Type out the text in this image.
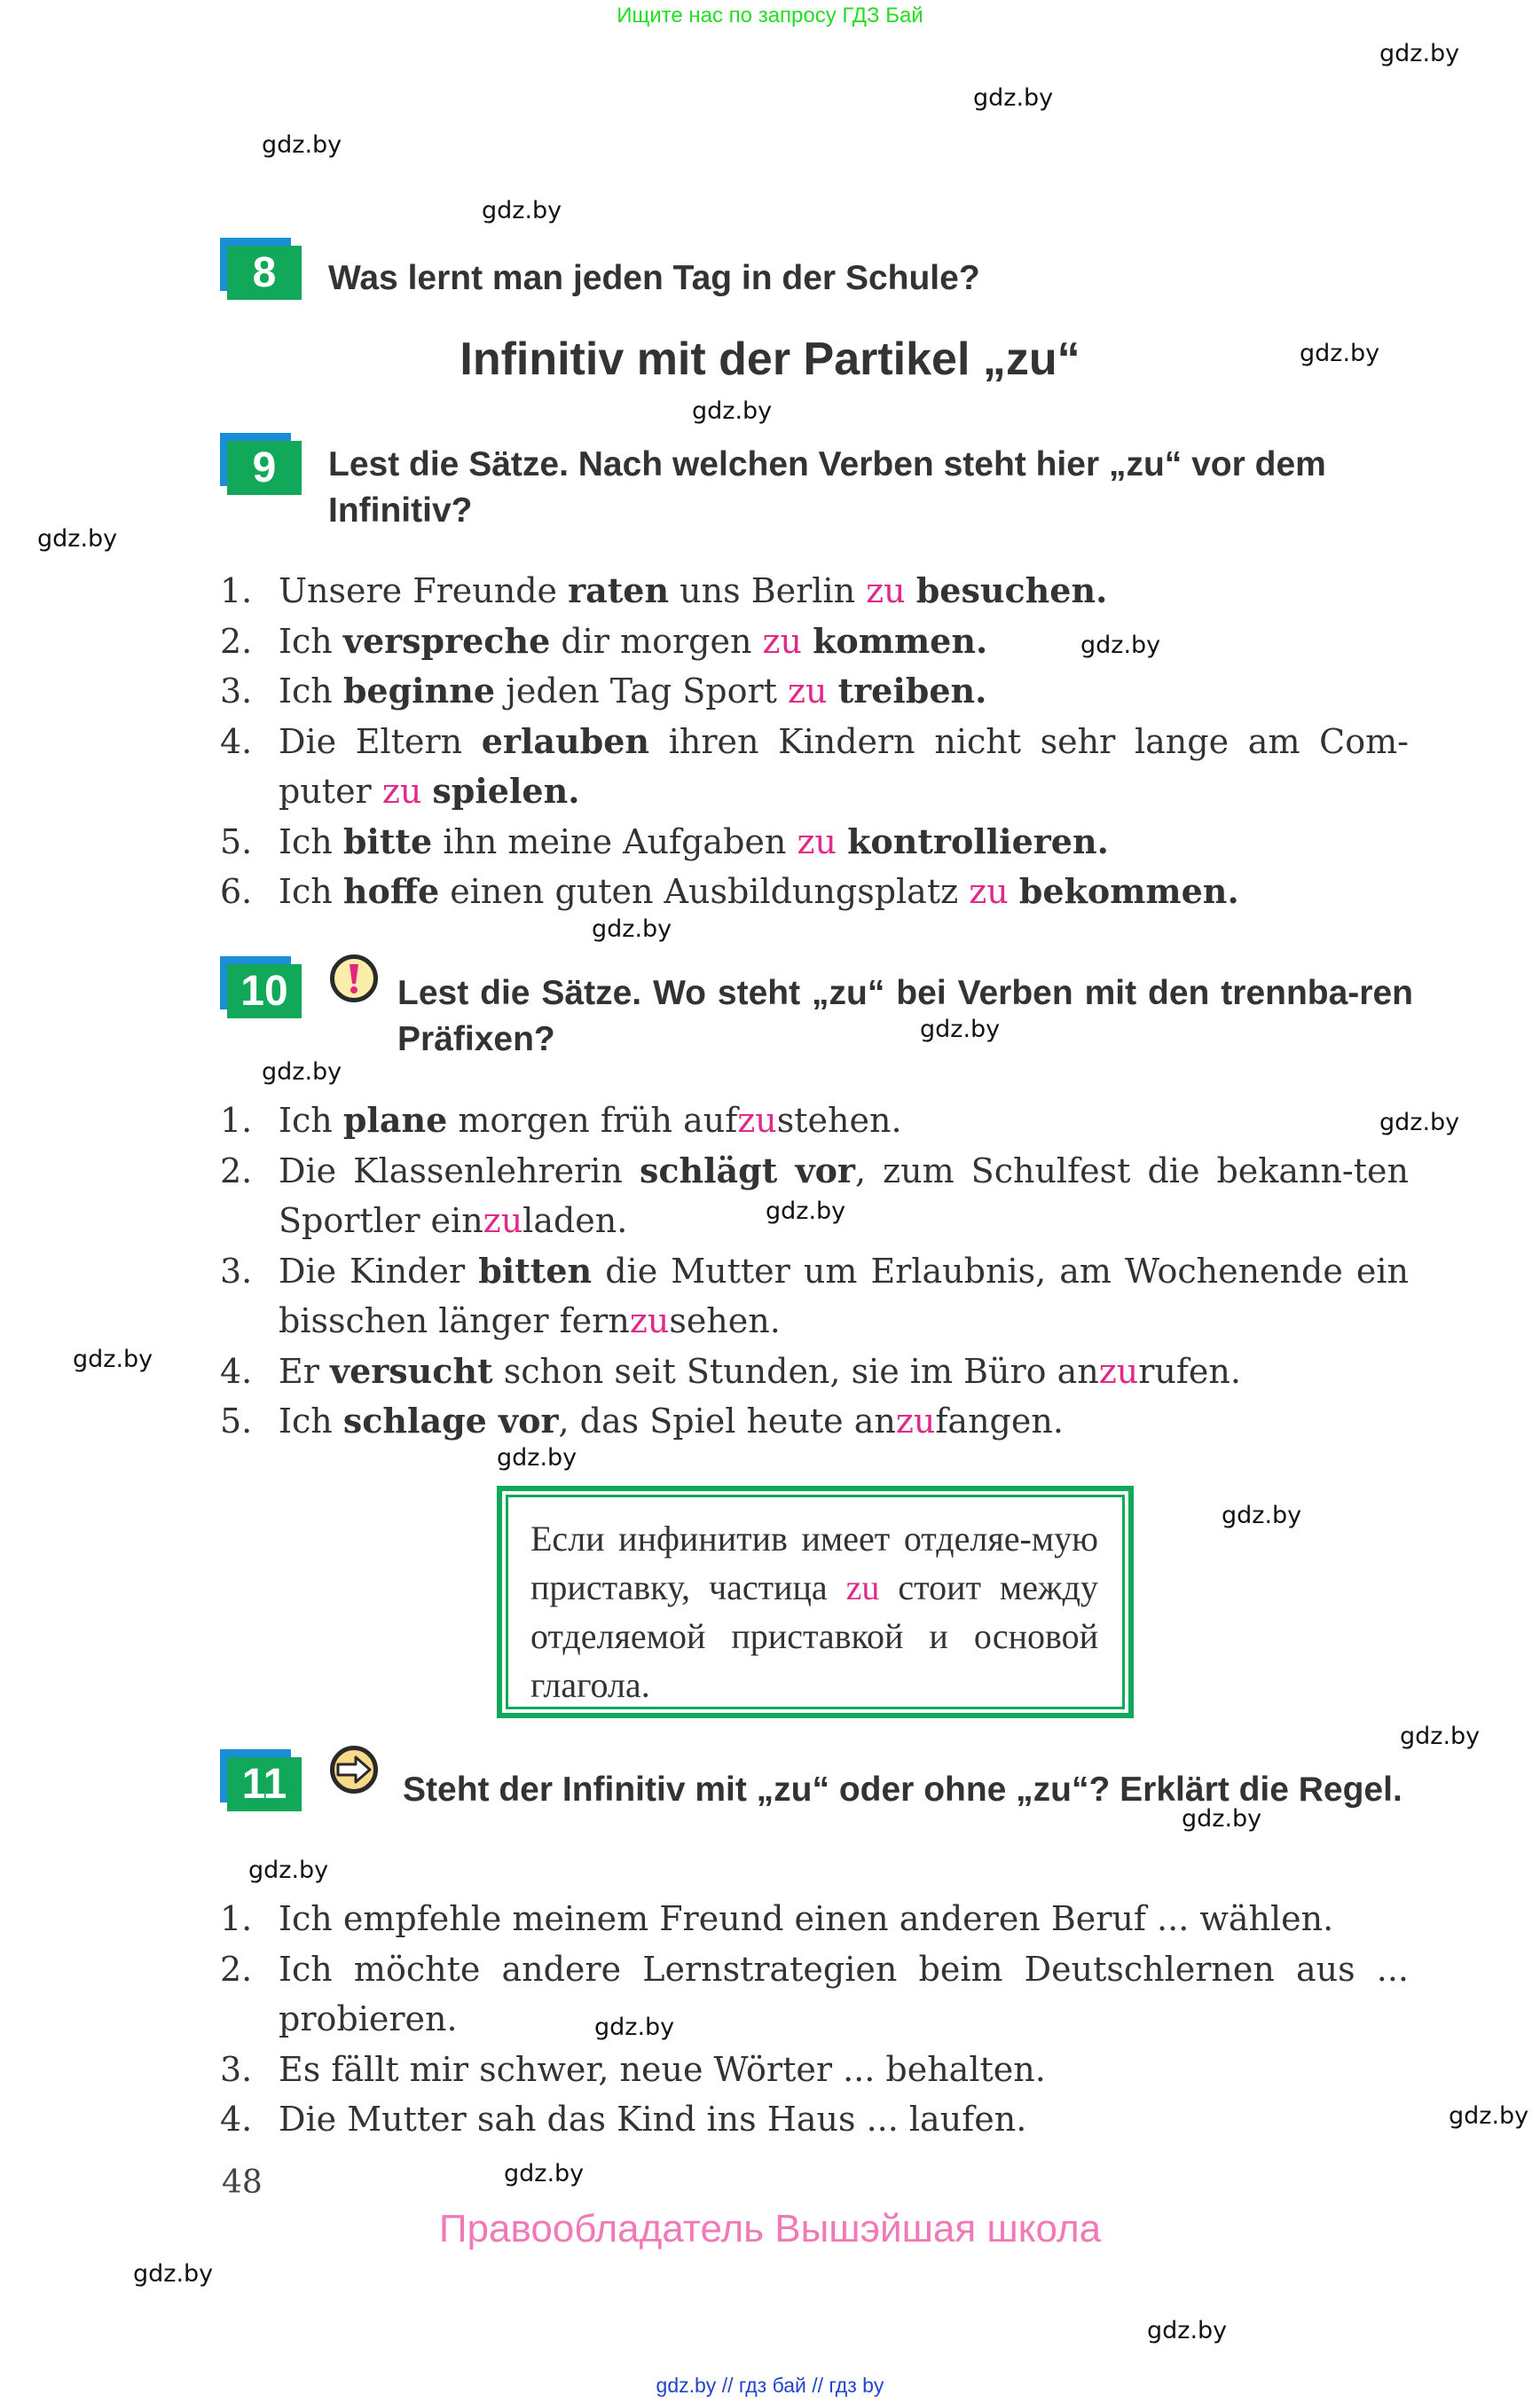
Ищите нас по запросу ГДЗ Бай
gdz.by
gdz.by
gdz.by
gdz.by
gdz.by
gdz.by
gdz.by
gdz.by
gdz.by
gdz.by
gdz.by
gdz.by
gdz.by
gdz.by
gdz.by
gdz.by
gdz.by
gdz.by
gdz.by
gdz.by
gdz.by
gdz.by
gdz.by
gdz.by
8	Was lernt man jeden Tag in der Schule?
Infinitiv mit der Partikel „zu“
9	Lest die Sätze. Nach welchen Verben steht hier „zu“ vor dem Infinitiv?
1. Unsere Freunde raten uns Berlin zu besuchen.
2. Ich verspreche dir morgen zu kommen.
3. Ich beginne jeden Tag Sport zu treiben.
4. Die Eltern erlauben ihren Kindern nicht sehr lange am Com-puter zu spielen.
5. Ich bitte ihn meine Aufgaben zu kontrollieren.
6. Ich hoffe einen guten Ausbildungsplatz zu bekommen.
10	Lest die Sätze. Wo steht „zu“ bei Verben mit den trennba-ren Präfixen?
1. Ich plane morgen früh aufzustehen.
2. Die Klassenlehrerin schlägt vor, zum Schulfest die bekann-ten Sportler einzuladen.
3. Die Kinder bitten die Mutter um Erlaubnis, am Wochenende ein bisschen länger fernzusehen.
4. Er versucht schon seit Stunden, sie im Büro anzurufen.
5. Ich schlage vor, das Spiel heute anzufangen.
Если инфинитив имеет отделяе-мую приставку, частица zu стоит между отделяемой приставкой и основой глагола.
11	Steht der Infinitiv mit „zu“ oder ohne „zu“? Erklärt die Regel.
1. Ich empfehle meinem Freund einen anderen Beruf ... wählen.
2. Ich möchte andere Lernstrategien beim Deutschlernen aus ... probieren.
3. Es fällt mir schwer, neue Wörter ... behalten.
4. Die Mutter sah das Kind ins Haus ... laufen.
48
Правообладатель Вышэйшая школа
gdz.by // гдз бай // гдз by
